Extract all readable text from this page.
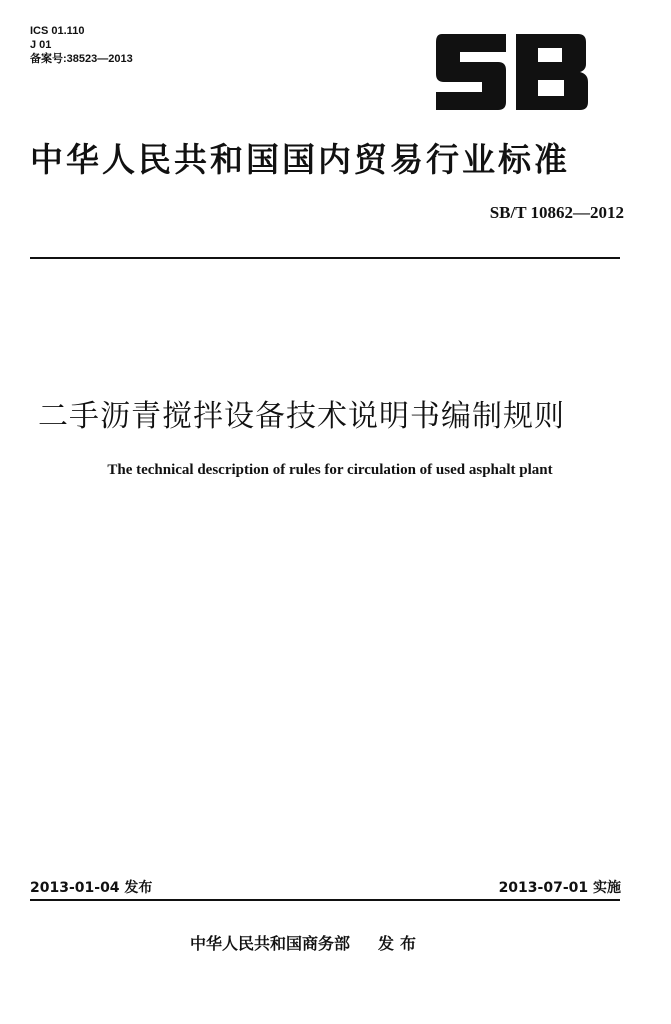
ICS 01.110
J 01
备案号:38523—2013
中华人民共和国国内贸易行业标准
SB/T 10862—2012
二手沥青搅拌设备技术说明书编制规则
The technical description of rules for circulation of used asphalt plant
2013-01-04 发布	2013-07-01 实施
中华人民共和国商务部 发布
